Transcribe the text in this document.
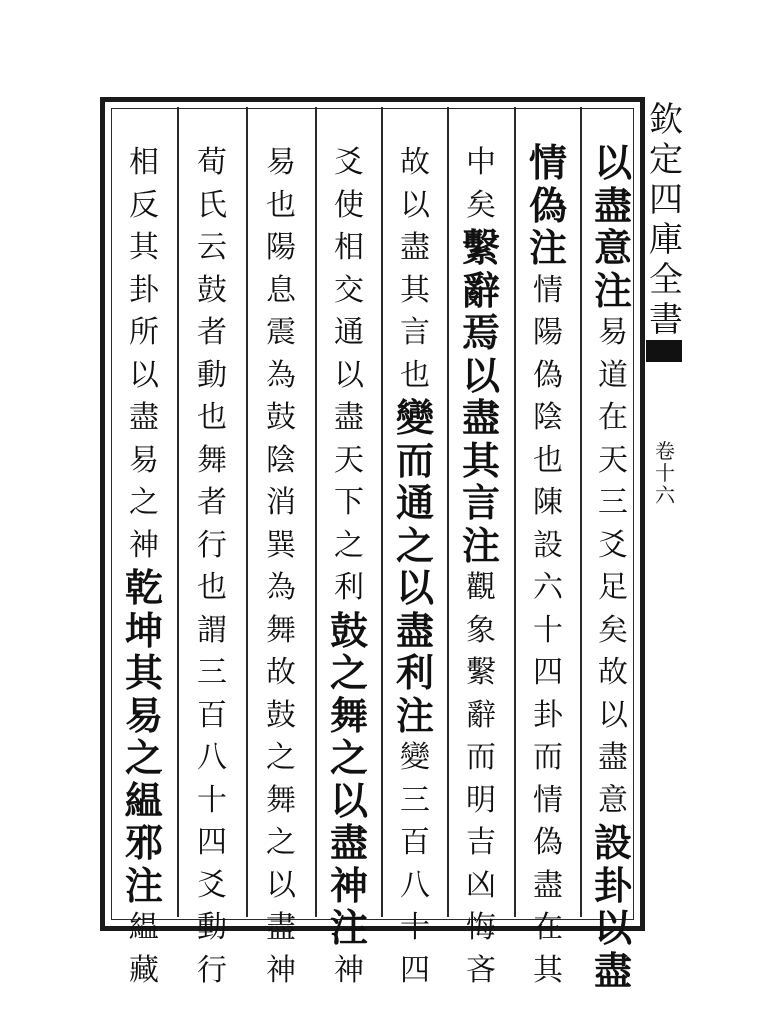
欽
定
四
庫
全
書
卷
十
六
以
盡
意
注
易
道
在
天
三
爻
足
矣
故
以
盡
意
設
卦
以
盡
情
偽
注
情
陽
偽
陰
也
陳
設
六
十
四
卦
而
情
偽
盡
在
其
中
矣
繫
辭
焉
以
盡
其
言
注
觀
象
繫
辭
而
明
吉
凶
悔
吝
故
以
盡
其
言
也
變
而
通
之
以
盡
利
注
變
三
百
八
十
四
爻
使
相
交
通
以
盡
天
下
之
利
鼓
之
舞
之
以
盡
神
注
神
易
也
陽
息
震
為
鼓
陰
消
巽
為
舞
故
鼓
之
舞
之
以
盡
神
荀
氏
云
鼓
者
動
也
舞
者
行
也
謂
三
百
八
十
四
爻
動
行
相
反
其
卦
所
以
盡
易
之
神
乾
坤
其
易
之
緼
邪
注
緼
藏
